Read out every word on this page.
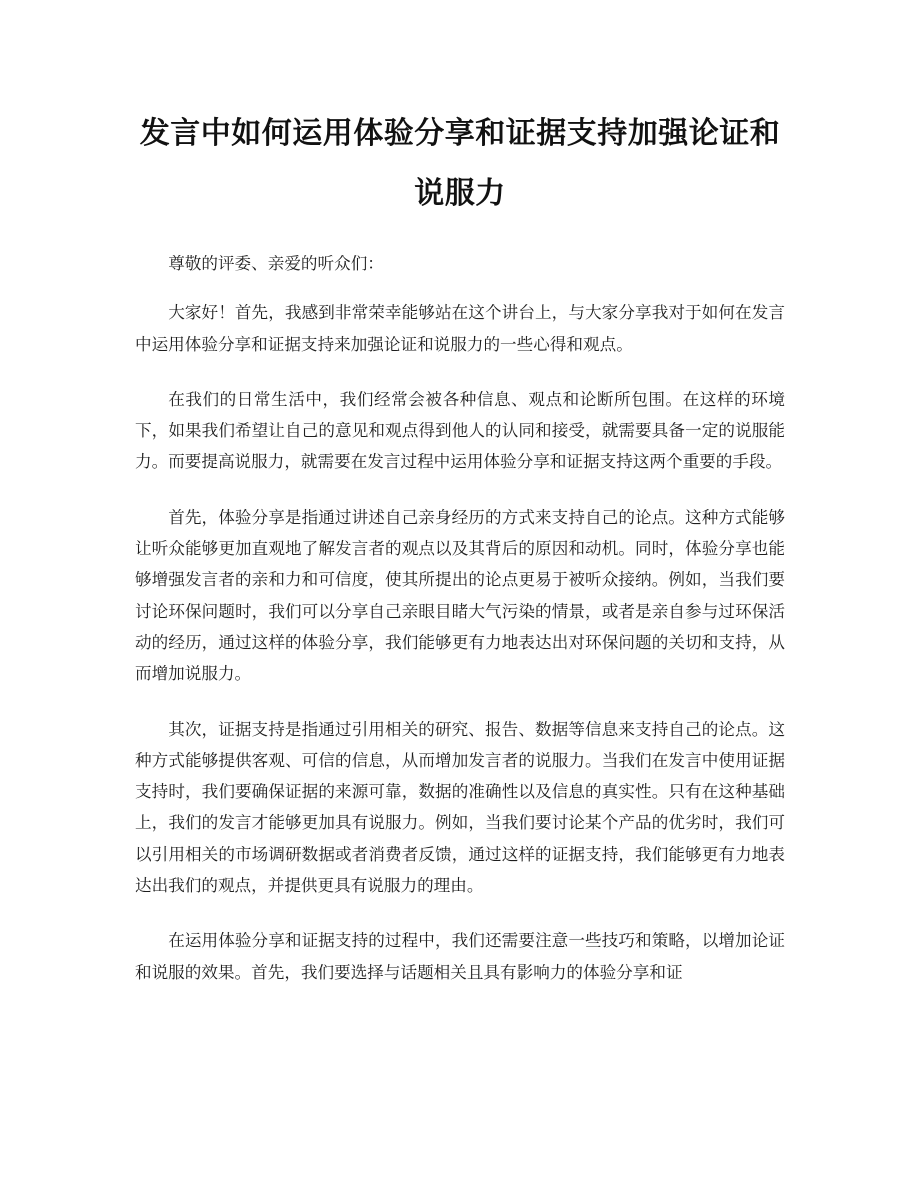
发言中如何运用体验分享和证据支持加强论证和说服力

尊敬的评委、亲爱的听众们：

大家好！首先，我感到非常荣幸能够站在这个讲台上，与大家分享我对于如何在发言中运用体验分享和证据支持来加强论证和说服力的一些心得和观点。

在我们的日常生活中，我们经常会被各种信息、观点和论断所包围。在这样的环境下，如果我们希望让自己的意见和观点得到他人的认同和接受，就需要具备一定的说服能力。而要提高说服力，就需要在发言过程中运用体验分享和证据支持这两个重要的手段。

首先，体验分享是指通过讲述自己亲身经历的方式来支持自己的论点。这种方式能够让听众能够更加直观地了解发言者的观点以及其背后的原因和动机。同时，体验分享也能够增强发言者的亲和力和可信度，使其所提出的论点更易于被听众接纳。例如，当我们要讨论环保问题时，我们可以分享自己亲眼目睹大气污染的情景，或者是亲自参与过环保活动的经历，通过这样的体验分享，我们能够更有力地表达出对环保问题的关切和支持，从而增加说服力。

其次，证据支持是指通过引用相关的研究、报告、数据等信息来支持自己的论点。这种方式能够提供客观、可信的信息，从而增加发言者的说服力。当我们在发言中使用证据支持时，我们要确保证据的来源可靠，数据的准确性以及信息的真实性。只有在这种基础上，我们的发言才能够更加具有说服力。例如，当我们要讨论某个产品的优劣时，我们可以引用相关的市场调研数据或者消费者反馈，通过这样的证据支持，我们能够更有力地表达出我们的观点，并提供更具有说服力的理由。

在运用体验分享和证据支持的过程中，我们还需要注意一些技巧和策略，以增加论证和说服的效果。首先，我们要选择与话题相关且具有影响力的体验分享和证
